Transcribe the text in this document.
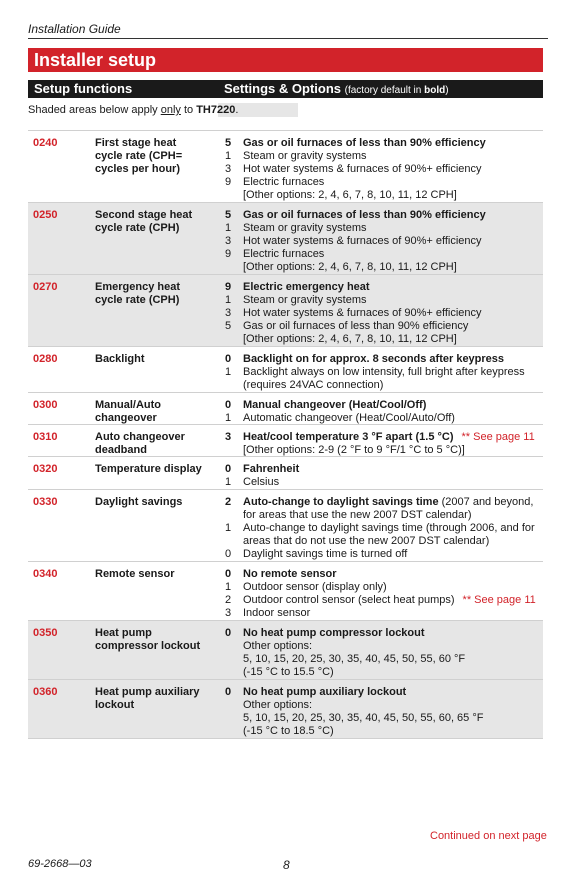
Installation Guide
Installer setup
Setup functions	Settings & Options (factory default in bold)
Shaded areas below apply only to TH7220.
0240	First stage heat cycle rate (CPH= cycles per hour)
5 Gas or oil furnaces of less than 90% efficiency
1 Steam or gravity systems
3 Hot water systems & furnaces of 90%+ efficiency
9 Electric furnaces
[Other options: 2, 4, 6, 7, 8, 10, 11, 12 CPH]
0250	Second stage heat cycle rate (CPH)
5 Gas or oil furnaces of less than 90% efficiency
1 Steam or gravity systems
3 Hot water systems & furnaces of 90%+ efficiency
9 Electric furnaces
[Other options: 2, 4, 6, 7, 8, 10, 11, 12 CPH]
0270	Emergency heat cycle rate (CPH)
9 Electric emergency heat
1 Steam or gravity systems
3 Hot water systems & furnaces of 90%+ efficiency
5 Gas or oil furnaces of less than 90% efficiency
[Other options: 2, 4, 6, 7, 8, 10, 11, 12 CPH]
0280	Backlight	0 Backlight on for approx. 8 seconds after keypress
1 Backlight always on low intensity, full bright after keypress (requires 24VAC connection)
0300	Manual/Auto changeover
0 Manual changeover (Heat/Cool/Off)
1 Automatic changeover (Heat/Cool/Auto/Off)
0310	Auto changeover deadband
3 Heat/cool temperature 3 °F apart (1.5 °C) ** See page 11
[Other options: 2-9 (2 °F to 9 °F/1 °C to 5 °C)]
0320	Temperature display 0 Fahrenheit
1 Celsius
0330	Daylight savings	2 Auto-change to daylight savings time (2007 and beyond, for areas that use the new 2007 DST calendar)
1 Auto-change to daylight savings time (through 2006, and for areas that do not use the new 2007 DST calendar)
0 Daylight savings time is turned off
0340	Remote sensor	0 No remote sensor
1 Outdoor sensor (display only)
2 Outdoor control sensor (select heat pumps) ** See page 11
3 Indoor sensor
0350	Heat pump compressor lockout
0 No heat pump compressor lockout
Other options:
5, 10, 15, 20, 25, 30, 35, 40, 45, 50, 55, 60 °F
(-15 °C to 15.5 °C)
0360	Heat pump auxiliary lockout
0 No heat pump auxiliary lockout
Other options:
5, 10, 15, 20, 25, 30, 35, 40, 45, 50, 55, 60, 65 °F
(-15 °C to 18.5 °C)
Continued on next page
69-2668—03	8
